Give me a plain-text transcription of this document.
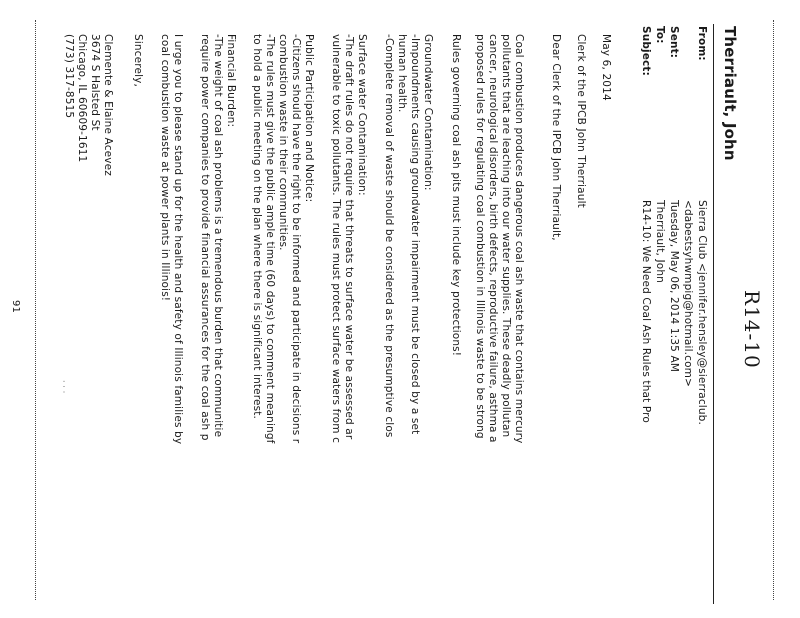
R14-10
Therriault, John
From:
Sierra Club <jennifer.hensley@sierraclub.
<dabestsyhwmpig@hotmail.com>
Sent:
Tuesday, May 06, 2014 1:35 AM
To:
Therriault, John
Subject:
R14-10: We Need Coal Ash Rules that Pro
May 6, 2014
Clerk of the IPCB John Therriault
Dear Clerk of the IPCB John Therriault,
Coal combustion produces dangerous coal ash waste that contains mercury
pollutants that are leaching into our water supplies. These deadly pollutan
cancer, neurological disorders, birth defects, reproductive failure, asthma a
proposed rules for regulating coal combustion in Illinois waste to be strong
Rules governing coal ash pits must include key protections!
Groundwater Contamination:
-Impoundments causing groundwater impairment must be closed by a set
human health.
-Complete removal of waste should be considered as the presumptive clos
Surface water Contamination:
-The draft rules do not require that threats to surface water be assessed ar
vulnerable to toxic pollutants. The rules must protect surface waters from c
Public Participation and Notice:
-Citizens should have the right to be informed and participate in decisions r
combustion waste in their communities.
-The rules must give the public ample time (60 days) to comment meaningf
to hold a public meeting on the plan where there is significant interest.
Financial Burden:
-The weight of coal ash problems is a tremendous burden that communitie
require power companies to provide financial assurances for the coal ash p
I urge you to please stand up for the health and safety of Illinois families by
coal combustion waste at power plants in Illinois!
Sincerely,
Clemente & Elaine Acevez
3674 S Halsted St
Chicago, IL 60609-1611
(773) 317-8515
· · ·
91
